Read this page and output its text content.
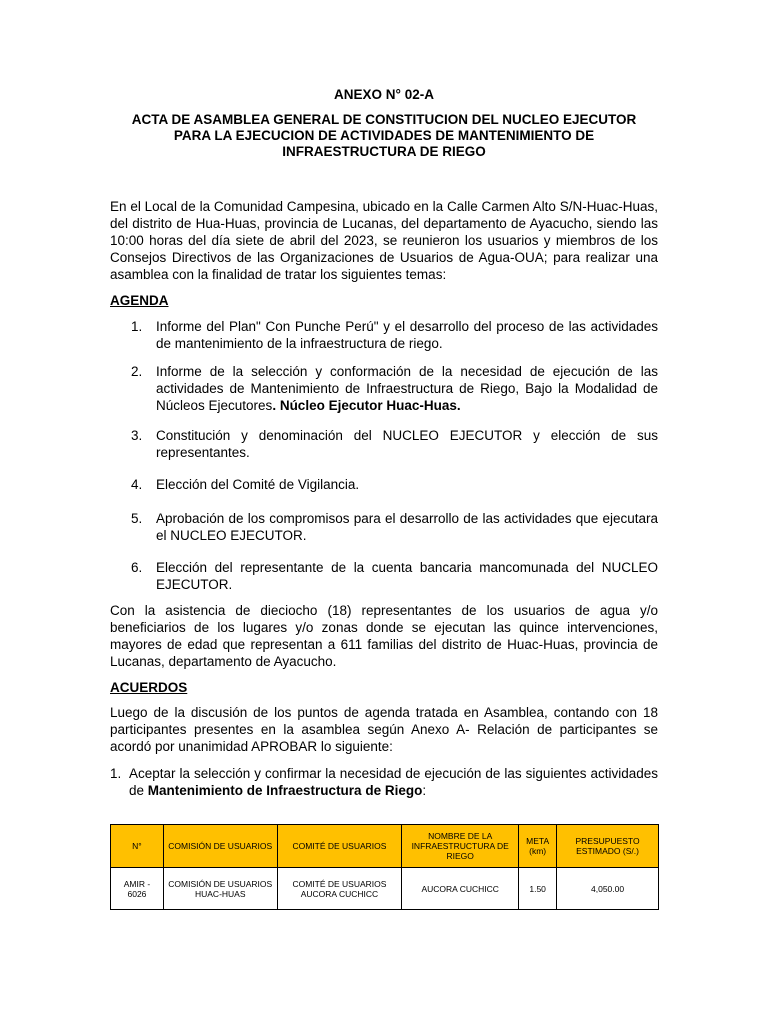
ANEXO N° 02-A
ACTA DE ASAMBLEA GENERAL DE CONSTITUCION DEL NUCLEO EJECUTOR
PARA LA EJECUCION DE ACTIVIDADES DE MANTENIMIENTO DE
INFRAESTRUCTURA DE RIEGO
En el Local de la Comunidad Campesina, ubicado en la Calle Carmen Alto S/N-Huac-Huas, del distrito de Hua-Huas, provincia de Lucanas, del departamento de Ayacucho, siendo las 10:00 horas del día siete de abril del 2023, se reunieron los usuarios y miembros de los Consejos Directivos de las Organizaciones de Usuarios de Agua-OUA; para realizar una asamblea con la finalidad de tratar los siguientes temas:
AGENDA
1.	Informe del Plan" Con Punche Perú" y el desarrollo del proceso de las actividades de mantenimiento de la infraestructura de riego.
2.	Informe de la selección y conformación de la necesidad de ejecución de las actividades de Mantenimiento de Infraestructura de Riego, Bajo la Modalidad de Núcleos Ejecutores. Núcleo Ejecutor Huac-Huas.
3.	Constitución y denominación del NUCLEO EJECUTOR y elección de sus representantes.
4.	Elección del Comité de Vigilancia.
5.	Aprobación de los compromisos para el desarrollo de las actividades que ejecutara el NUCLEO EJECUTOR.
6.	Elección del representante de la cuenta bancaria mancomunada del NUCLEO EJECUTOR.
Con la asistencia de dieciocho (18) representantes de los usuarios de agua y/o beneficiarios de los lugares y/o zonas donde se ejecutan las quince intervenciones, mayores de edad que representan a 611 familias del distrito de Huac-Huas, provincia de Lucanas, departamento de Ayacucho.
ACUERDOS
Luego de la discusión de los puntos de agenda tratada en Asamblea, contando con 18 participantes presentes en la asamblea según Anexo A- Relación de participantes se acordó por unanimidad APROBAR lo siguiente:
1. Aceptar la selección y confirmar la necesidad de ejecución de las siguientes actividades de Mantenimiento de Infraestructura de Riego:
N°	COMISIÓN DE USUARIOS	COMITÉ DE USUARIOS	NOMBRE DE LA INFRAESTRUCTURA DE RIEGO	META (km)	PRESUPUESTO ESTIMADO (S/.)
AMIR - 6026	COMISIÓN DE USUARIOS HUAC-HUAS	COMITÉ DE USUARIOS AUCORA CUCHICC	AUCORA CUCHICC	1.50	4,050.00
